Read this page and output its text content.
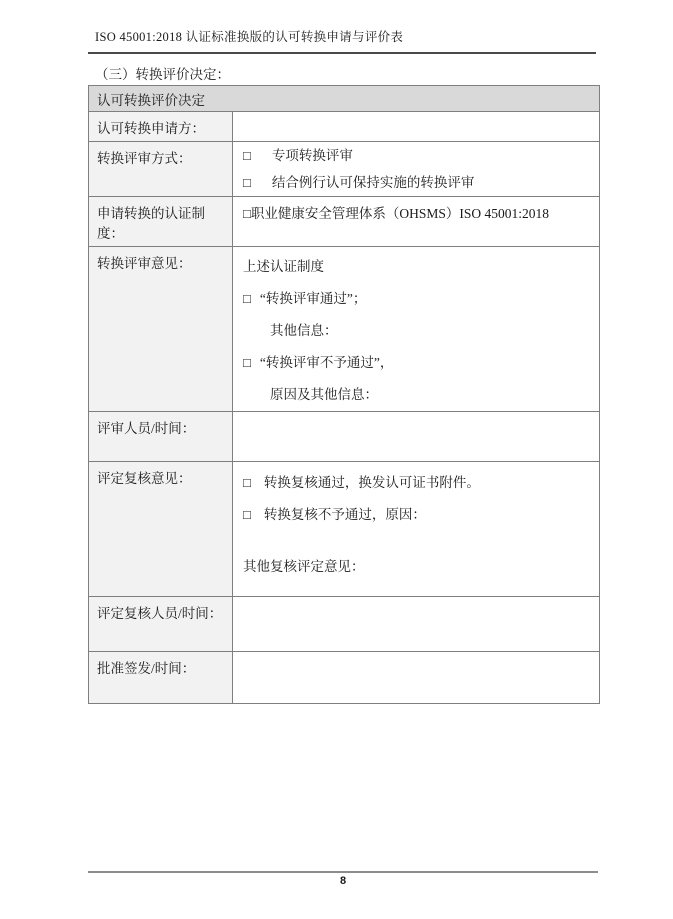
ISO 45001:2018 认证标准换版的认可转换申请与评价表
（三）转换评价决定：
认可转换评价决定
认可转换申请方：
转换评审方式：	□ 专项转换评审
□ 结合例行认可保持实施的转换评审
申请转换的认证制度：
□ 职业健康安全管理体系（OHSMS）ISO 45001:2018
转换评审意见：	上述认证制度
□ “转换评审通过”；
其他信息：
□ “转换评审不予通过”，
原因及其他信息：
评审人员/时间：
评定复核意见：	□ 转换复核通过，换发认可证书附件。
□ 转换复核不予通过，原因：
其他复核评定意见：
评定复核人员/时间：
批准签发/时间：
8
